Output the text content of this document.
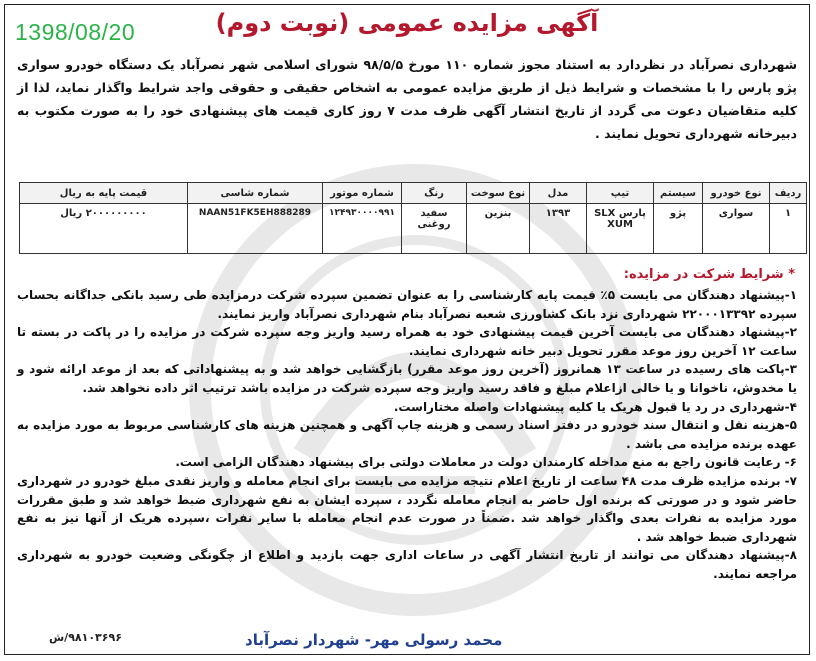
1398/08/20	آگهی مزایده عمومی (نوبت دوم)
شهرداری نصرآباد در نظردارد به استناد مجوز شماره ۱۱۰ مورخ ۹۸/۵/۵ شورای اسلامی شهر نصرآباد یک دستگاه خودرو سواری پژو پارس را با مشخصات و شرایط ذیل از طریق مزایده عمومی به اشخاص حقیقی و حقوقی واجد شرایط واگذار نماید، لذا از کلیه متقاضیان دعوت می گردد از تاریخ انتشار آگهی ظرف مدت ۷ روز کاری قیمت های پیشنهادی خود را به صورت مکتوب به دبیرخانه شهرداری تحویل نمایند .
ردیف	نوع خودرو	سیستم	تیپ	مدل	نوع سوخت	رنگ	شماره موتور	شماره شاسی	قیمت پایه به ریال
۱	سواری	پژو	پارس SLX XUM	۱۳۹۳	بنزین	سفید روغنی	۱۲۴۹۳۰۰۰۰۹۹۱	NAAN51FK5EH888289	۲۰۰۰۰۰۰۰۰۰ ریال
* شرایط شرکت در مزایده:

۱-پیشنهاد دهندگان می بایست ۵٪ قیمت پایه کارشناسی را به عنوان تضمین سپرده شرکت درمزایده طی رسید بانکی جداگانه بحساب سپرده ۲۲۰۰۰۱۳۳۹۲ شهرداری نزد بانک کشاورزی شعبه نصرآباد بنام شهرداری نصرآباد واریز نمایند.

۲-پیشنهاد دهندگان می بایست آخرین قیمت پیشنهادی خود به همراه رسید واریز وجه سپرده شرکت در مزایده را در پاکت در بسته تا ساعت ۱۲ آخرین روز موعد مقرر تحویل دبیر خانه شهرداری نمایند.

۳-پاکت های رسیده در ساعت ۱۳ همانروز (آخرین روز موعد مقرر) بازگشایی خواهد شد و به پیشنهاداتی که بعد از موعد ارائه شود و یا مخدوش، ناخوانا و یا خالی ازاعلام مبلغ و فاقد رسید واریز وجه سپرده شرکت در مزایده باشد ترتیب اثر داده نخواهد شد.

۴-شهرداری در رد یا قبول هریک یا کلیه پیشنهادات واصله مختاراست.

۵-هزینه نقل و انتقال سند خودرو در دفتر اسناد رسمی و هزینه چاپ آگهی و همچنین هزینه های کارشناسی مربوط به مورد مزایده به عهده برنده مزایده می باشد .

۶- رعایت قانون راجع به منع مداخله کارمندان دولت در معاملات دولتی برای پیشنهاد دهندگان الزامی است.

۷- برنده مزایده ظرف مدت ۴۸ ساعت از تاریخ اعلام نتیجه مزایده می بایست برای انجام معامله و واریز نقدی مبلغ خودرو در شهرداری حاضر شود و در صورتی که برنده اول حاضر به انجام معامله نگردد ، سپرده ایشان به نفع شهرداری ضبط خواهد شد و طبق مقررات مورد مزایده به نفرات بعدی واگذار خواهد شد .ضمناً در صورت عدم انجام معامله با سایر نفرات ،سپرده هریک از آنها نیز به نفع شهرداری ضبط خواهد شد .

۸-پیشنهاد دهندگان می توانند از تاریخ انتشار آگهی در ساعات اداری جهت بازدید و اطلاع از چگونگی وضعیت خودرو به شهرداری مراجعه نمایند.

محمد رسولی مهر- شهردار نصرآباد
۹۸۱۰۳۶۹۶/ش
